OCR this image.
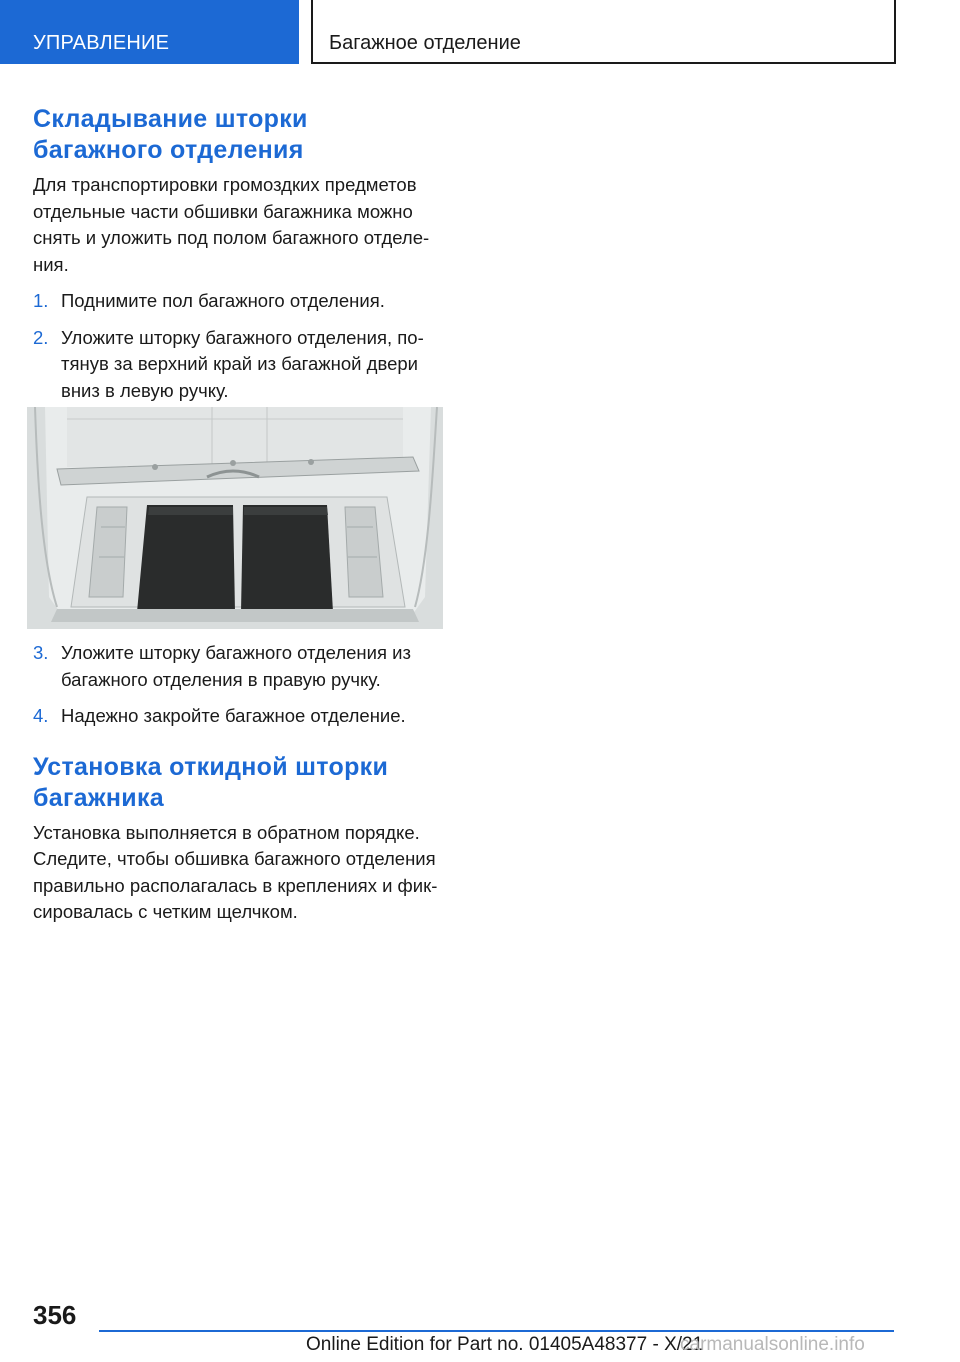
УПРАВЛЕНИЕ	Багажное отделение
Складывание шторки
багажного отделения

Для транспортировки громоздких предметов отдельные части обшивки багажника можно снять и уложить под полом багажного отделения.

1. Поднимите пол багажного отделения.
2. Уложите шторку багажного отделения, потянув за верхний край из багажной двери вниз в левую ручку.
3. Уложите шторку багажного отделения из багажного отделения в правую ручку.
4. Надежно закройте багажное отделение.
Установка откидной шторки
багажника

Установка выполняется в обратном порядке. Следите, чтобы обшивка багажного отделения правильно располагалась в креплениях и фиксировалась с четким щелчком.

356
Online Edition for Part no. 01405A48377 - X/21
carmanualsonline.info
